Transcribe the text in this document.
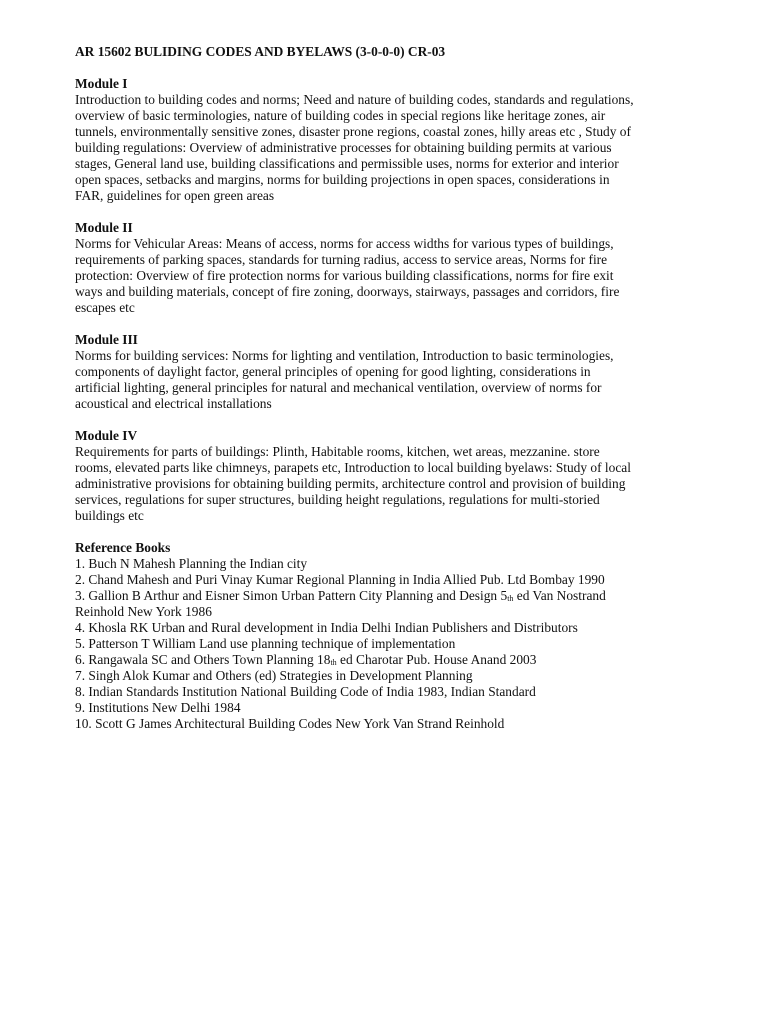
AR 15602 BULIDING CODES AND BYELAWS (3-0-0-0) CR-03
Module I

Introduction to building codes and norms; Need and nature of building codes, standards and regulations, overview of basic terminologies, nature of building codes in special regions like heritage zones, air tunnels, environmentally sensitive zones, disaster prone regions, coastal zones, hilly areas etc , Study of building regulations: Overview of administrative processes for obtaining building permits at various stages, General land use, building classifications and permissible uses, norms for exterior and interior open spaces, setbacks and margins, norms for building projections in open spaces, considerations in FAR, guidelines for open green areas

Module II

Norms for Vehicular Areas: Means of access, norms for access widths for various types of buildings, requirements of parking spaces, standards for turning radius, access to service areas, Norms for fire protection: Overview of fire protection norms for various building classifications, norms for fire exit ways and building materials, concept of fire zoning, doorways, stairways, passages and corridors, fire escapes etc

Module III

Norms for building services: Norms for lighting and ventilation, Introduction to basic terminologies, components of daylight factor, general principles of opening for good lighting, considerations in artificial lighting, general principles for natural and mechanical ventilation, overview of norms for acoustical and electrical installations

Module IV

Requirements for parts of buildings: Plinth, Habitable rooms, kitchen, wet areas, mezzanine. store rooms, elevated parts like chimneys, parapets etc, Introduction to local building byelaws: Study of local administrative provisions for obtaining building permits, architecture control and provision of building services, regulations for super structures, building height regulations, regulations for multi-storied buildings etc

Reference Books
1. Buch N Mahesh Planning the Indian city
2. Chand Mahesh and Puri Vinay Kumar Regional Planning in India Allied Pub. Ltd Bombay 1990
3. Gallion B Arthur and Eisner Simon Urban Pattern City Planning and Design $5_{th}$ ed Van Nostrand Reinhold New York 1986
4. Khosla RK Urban and Rural development in India Delhi Indian Publishers and Distributors
5. Patterson T William Land use planning technique of implementation
6. Rangawala SC and Others Town Planning $18_{th}$ ed Charotar Pub. House Anand 2003
7. Singh Alok Kumar and Others (ed) Strategies in Development Planning
8. Indian Standards Institution National Building Code of India 1983, Indian Standard
9. Institutions New Delhi 1984
10. Scott G James Architectural Building Codes New York Van Strand Reinhold
